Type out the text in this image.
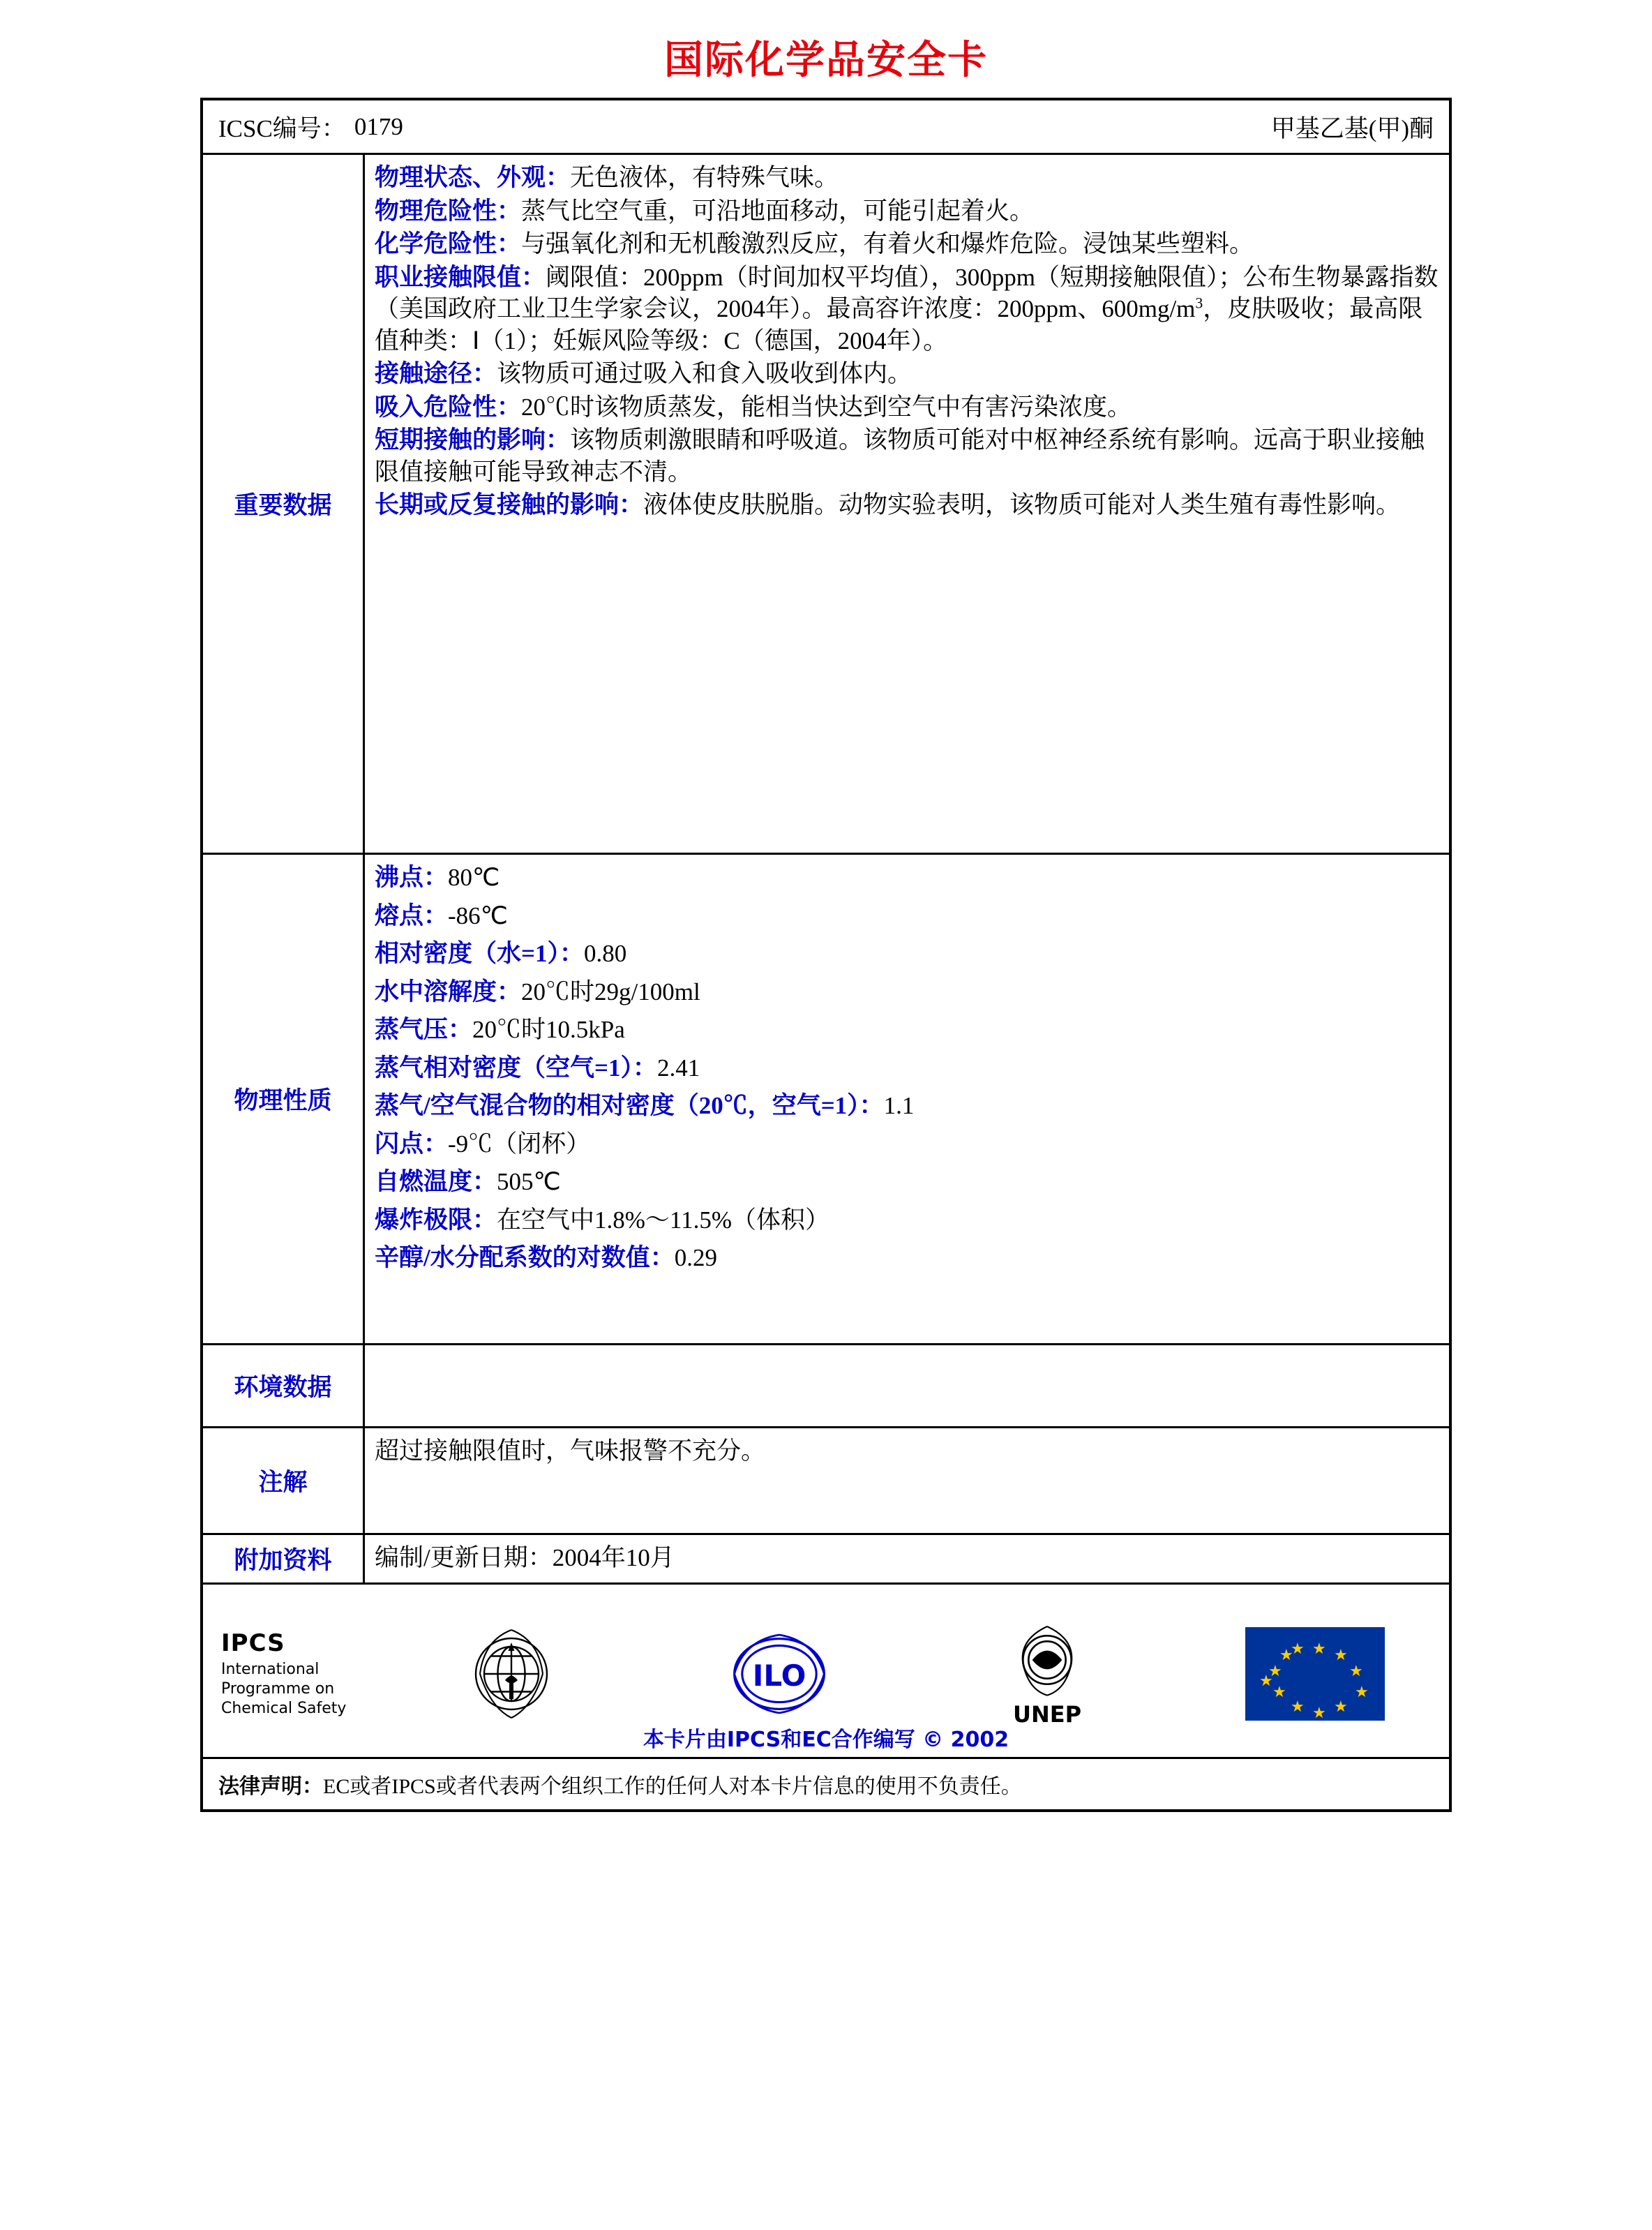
国际化学品安全卡
ICSC编号： 0179	甲基乙基(甲)酮
重要数据

物理状态、外观：无色液体，有特殊气味。

物理危险性：蒸气比空气重，可沿地面移动，可能引起着火。

化学危险性：与强氧化剂和无机酸激烈反应，有着火和爆炸危险。浸蚀某些塑料。

职业接触限值：阈限值：200ppm（时间加权平均值），300ppm（短期接触限值）；公布生物暴露指数（美国政府工业卫生学家会议，2004年）。最高容许浓度：200ppm、$600mg/m^3$，皮肤吸收；最高限值种类：Ⅰ（1）；妊娠风险等级：C（德国，2004年）。

接触途径：该物质可通过吸入和食入吸收到体内。

吸入危险性：20℃时该物质蒸发，能相当快达到空气中有害污染浓度。

短期接触的影响：该物质刺激眼睛和呼吸道。该物质可能对中枢神经系统有影响。远高于职业接触限值接触可能导致神志不清。

长期或反复接触的影响：液体使皮肤脱脂。动物实验表明，该物质可能对人类生殖有毒性影响。

物理性质

沸点：80℃

熔点：-86℃

相对密度（水=1）：0.80

水中溶解度：20℃时29g/100ml

蒸气压：20℃时10.5kPa

蒸气相对密度（空气=1）：2.41

蒸气/空气混合物的相对密度（20℃，空气=1）：1.1

闪点：-9℃（闭杯）

自燃温度：505℃

爆炸极限：在空气中1.8%～11.5%（体积）

辛醇/水分配系数的对数值：0.29

环境数据
注解
超过接触限值时，气味报警不充分。
附加资料	编制/更新日期：2004年10月
IPCS
International
Programme on
Chemical Safety
ILO
UNEP
★ ★
★
★
★
★
★
★
★
★
★
★
本卡片由IPCS和EC合作编写 © 2002
法律声明：EC或者IPCS或者代表两个组织工作的任何人对本卡片信息的使用不负责任。
